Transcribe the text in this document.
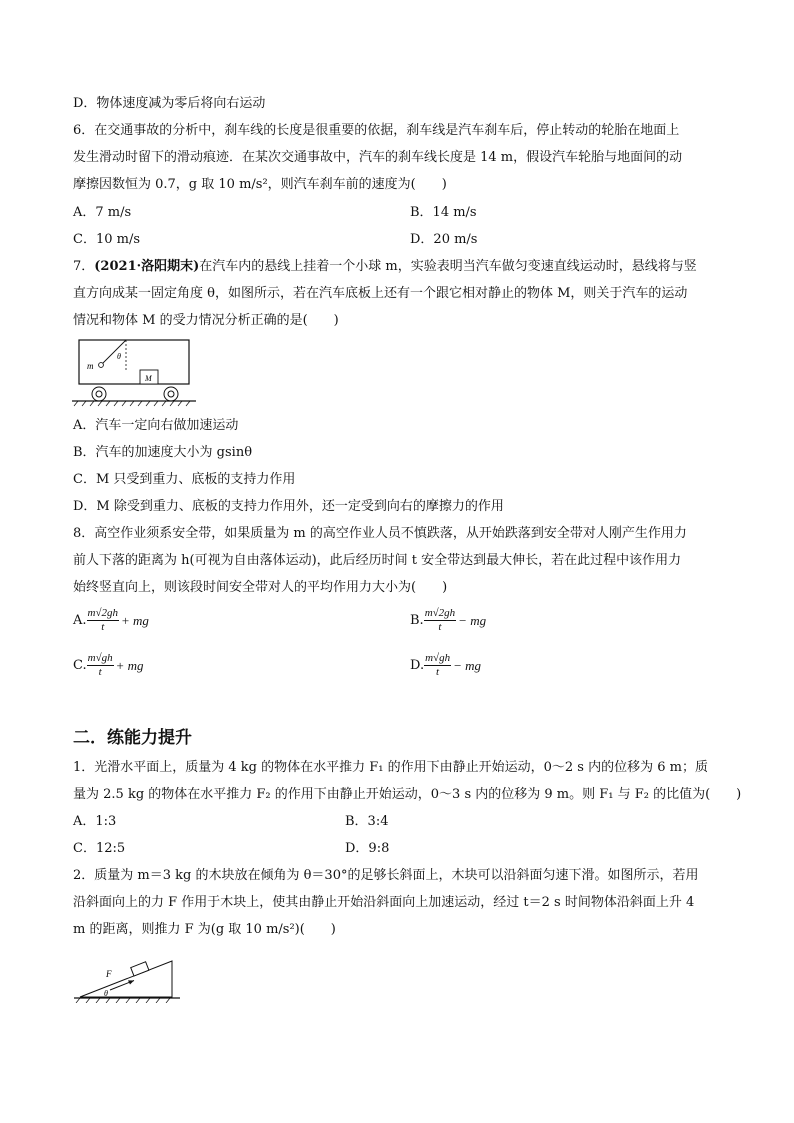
D．物体速度减为零后将向右运动
6．在交通事故的分析中，刹车线的长度是很重要的依据，刹车线是汽车刹车后，停止转动的轮胎在地面上
发生滑动时留下的滑动痕迹．在某次交通事故中，汽车的刹车线长度是 14 m，假设汽车轮胎与地面间的动
摩擦因数恒为 0.7，g 取 10 m/s²，则汽车刹车前的速度为(　　)
A．7 m/s	B．14 m/s
C．10 m/s	D．20 m/s
7．(2021·洛阳期末)在汽车内的悬线上挂着一个小球 m，实验表明当汽车做匀变速直线运动时，悬线将与竖
直方向成某一固定角度 θ，如图所示，若在汽车底板上还有一个跟它相对静止的物体 M，则关于汽车的运动
情况和物体 M 的受力情况分析正确的是(　　)
m
θ
M
A．汽车一定向右做加速运动
B．汽车的加速度大小为 gsinθ
C．M 只受到重力、底板的支持力作用
D．M 除受到重力、底板的支持力作用外，还一定受到向右的摩擦力的作用
8．高空作业须系安全带，如果质量为 m 的高空作业人员不慎跌落，从开始跌落到安全带对人刚产生作用力
前人下落的距离为 h(可视为自由落体运动)，此后经历时间 t 安全带达到最大伸长，若在此过程中该作用力
始终竖直向上，则该段时间安全带对人的平均作用力大小为(　　)
A. $\frac{m√2gh}{t}$ + mg	B. $\frac{m√2gh}{t}$ − mg
C. $\frac{m√gh}{t}$ + mg	D. $\frac{m√gh}{t}$ − mg
二．练能力提升
1．光滑水平面上，质量为 4 kg 的物体在水平推力 F₁ 的作用下由静止开始运动，0～2 s 内的位移为 6 m；质
量为 2.5 kg 的物体在水平推力 F₂ 的作用下由静止开始运动，0～3 s 内的位移为 9 m。则 F₁ 与 F₂ 的比值为(　　)
A．1:3	B．3:4
C．12:5	D．9:8
2．质量为 m＝3 kg 的木块放在倾角为 θ＝30°的足够长斜面上，木块可以沿斜面匀速下滑。如图所示，若用
沿斜面向上的力 F 作用于木块上，使其由静止开始沿斜面向上加速运动，经过 t＝2 s 时间物体沿斜面上升 4
m 的距离，则推力 F 为(g 取 10 m/s²)(　　)
F
θ
